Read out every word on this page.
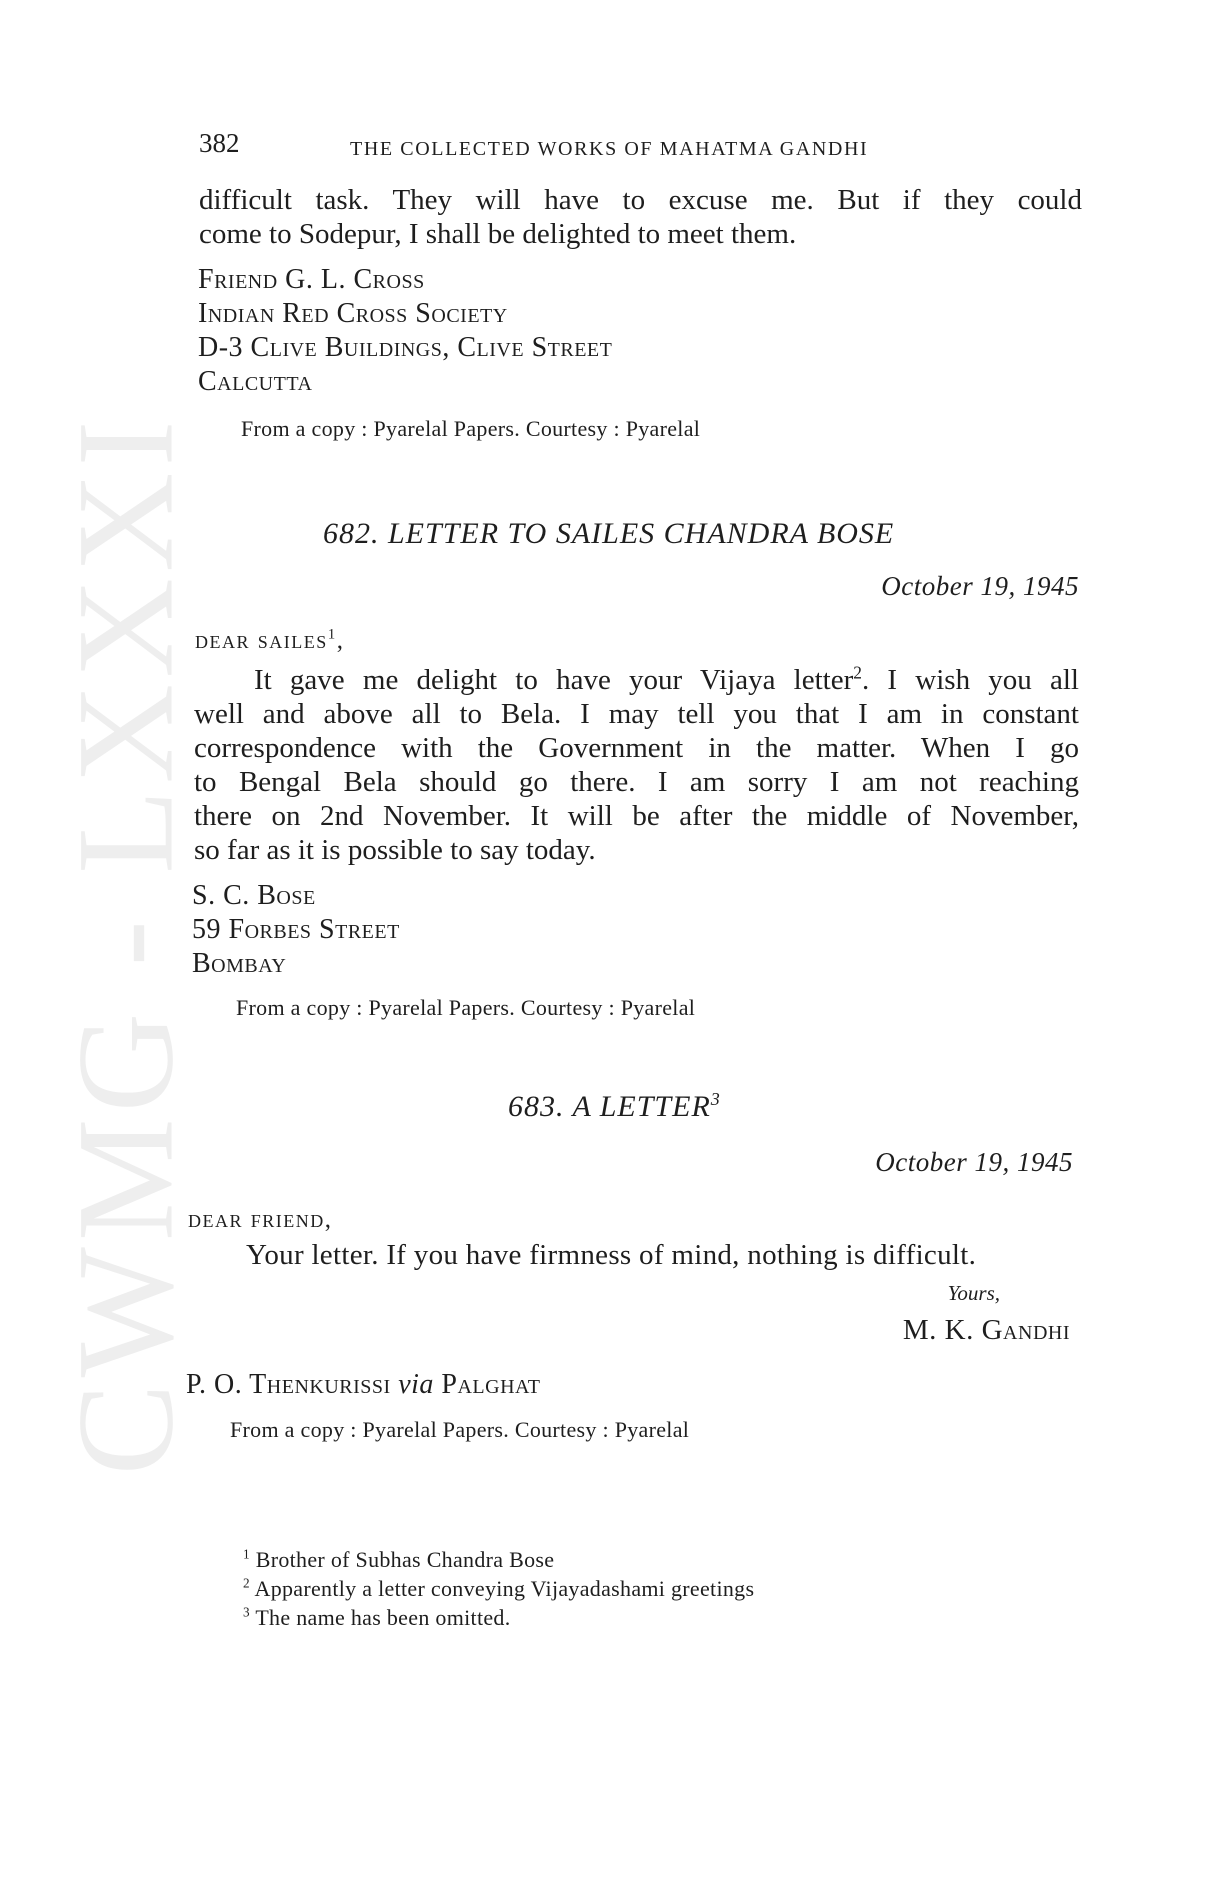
CWMG - LXXXI
382	THE COLLECTED WORKS OF MAHATMA GANDHI
difficult task. They will have to excuse me. But if they could
come to Sodepur, I shall be delighted to meet them.
Friend G. L. Cross
Indian Red Cross Society
D-3 Clive Buildings, Clive Street
Calcutta
From a copy : Pyarelal Papers. Courtesy : Pyarelal
682. LETTER TO SAILES CHANDRA BOSE
October 19, 1945
dear sailes$^1$,
It gave me delight to have your Vijaya letter$^2$. I wish you all
well and above all to Bela. I may tell you that I am in constant
correspondence with the Government in the matter. When I go
to Bengal Bela should go there. I am sorry I am not reaching
there on 2nd November. It will be after the middle of November,
so far as it is possible to say today.
S. C. Bose
59 Forbes Street
Bombay
From a copy : Pyarelal Papers. Courtesy : Pyarelal
683. A LETTER$^3$
October 19, 1945
dear friend,
Your letter. If you have firmness of mind, nothing is difficult.
Yours,
M. K. Gandhi
P. O. Thenkurissi via Palghat
From a copy : Pyarelal Papers. Courtesy : Pyarelal
$^1$ Brother of Subhas Chandra Bose
$^2$ Apparently a letter conveying Vijayadashami greetings
$^3$ The name has been omitted.
